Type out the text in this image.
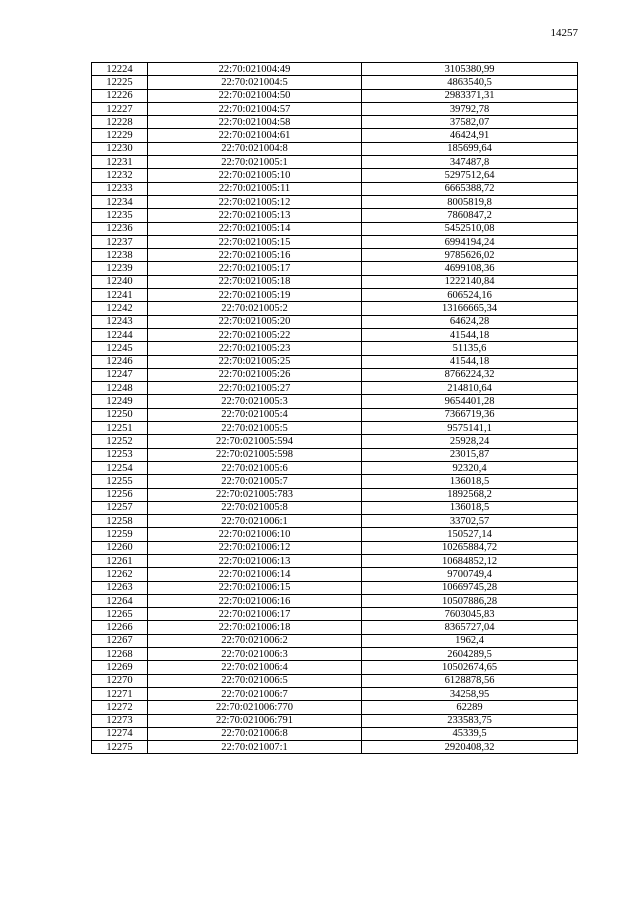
14257
12224	22:70:021004:49	3105380,99
12225	22:70:021004:5	4863540,5
12226	22:70:021004:50	2983371,31
12227	22:70:021004:57	39792,78
12228	22:70:021004:58	37582,07
12229	22:70:021004:61	46424,91
12230	22:70:021004:8	185699,64
12231	22:70:021005:1	347487,8
12232	22:70:021005:10	5297512,64
12233	22:70:021005:11	6665388,72
12234	22:70:021005:12	8005819,8
12235	22:70:021005:13	7860847,2
12236	22:70:021005:14	5452510,08
12237	22:70:021005:15	6994194,24
12238	22:70:021005:16	9785626,02
12239	22:70:021005:17	4699108,36
12240	22:70:021005:18	1222140,84
12241	22:70:021005:19	606524,16
12242	22:70:021005:2	13166665,34
12243	22:70:021005:20	64624,28
12244	22:70:021005:22	41544,18
12245	22:70:021005:23	51135,6
12246	22:70:021005:25	41544,18
12247	22:70:021005:26	8766224,32
12248	22:70:021005:27	214810,64
12249	22:70:021005:3	9654401,28
12250	22:70:021005:4	7366719,36
12251	22:70:021005:5	9575141,1
12252	22:70:021005:594	25928,24
12253	22:70:021005:598	23015,87
12254	22:70:021005:6	92320,4
12255	22:70:021005:7	136018,5
12256	22:70:021005:783	1892568,2
12257	22:70:021005:8	136018,5
12258	22:70:021006:1	33702,57
12259	22:70:021006:10	150527,14
12260	22:70:021006:12	10265884,72
12261	22:70:021006:13	10684852,12
12262	22:70:021006:14	9700749,4
12263	22:70:021006:15	10669745,28
12264	22:70:021006:16	10507886,28
12265	22:70:021006:17	7603045,83
12266	22:70:021006:18	8365727,04
12267	22:70:021006:2	1962,4
12268	22:70:021006:3	2604289,5
12269	22:70:021006:4	10502674,65
12270	22:70:021006:5	6128878,56
12271	22:70:021006:7	34258,95
12272	22:70:021006:770	62289
12273	22:70:021006:791	233583,75
12274	22:70:021006:8	45339,5
12275	22:70:021007:1	2920408,32
